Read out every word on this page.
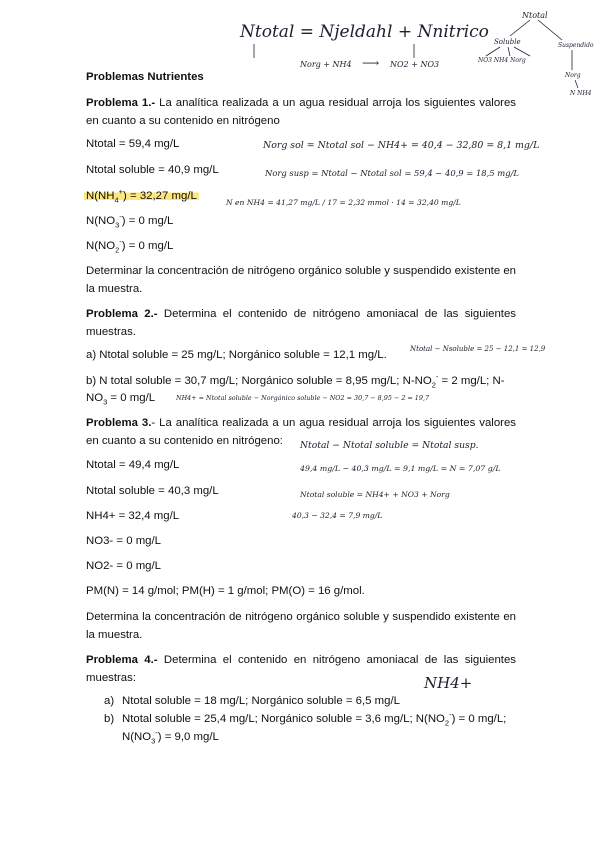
Ntotal = Njeldahl + Nnitrico
Norg + NH4 ⟶ NO2 + NO3
Ntotal
Soluble	Suspendido
NO3 NH4 Norg
Norg
N NH4
Problemas Nutrientes
Problema 1.- La analítica realizada a un agua residual arroja los siguientes valores en cuanto a su contenido en nitrógeno
Ntotal = 59,4 mg/L
Ntotal soluble = 40,9 mg/L
$N(NH_4^+) = 32,27$ mg/L
$N(NO_3^-) = 0$ mg/L
$N(NO_2^-) = 0$ mg/L
Determinar la concentración de nitrógeno orgánico soluble y suspendido existente en la muestra.
Norg sol = Ntotal sol − NH4+ = 40,4 − 32,80 = 8,1 mg/L
Norg susp = Ntotal − Ntotal sol = 59,4 − 40,9 = 18,5 mg/L
N en NH4 = 41,27 mg/L / 17 = 2,32 mmol · 14 = 32,40 mg/L
Problema 2.- Determina el contenido de nitrógeno amoniacal de las siguientes muestras.
a) Ntotal soluble = 25 mg/L; Norgánico soluble = 12,1 mg/L.	Ntotal − Nsoluble = 25 − 12,1 = 12,9
b) N total soluble = 30,7 mg/L; Norgánico soluble = 8,95 mg/L; $N-NO_2^- = 2$ mg/L; N-
$NO_3 = 0$ mg/L	NH4+ = Ntotal soluble − Norgánico soluble − NO2 = 30,7 − 8,95 − 2 = 19,7
Problema 3.- La analítica realizada a un agua residual arroja los siguientes valores en cuanto a su contenido en nitrógeno:
Ntotal = 49,4 mg/L
Ntotal soluble = 40,3 mg/L
NH4+ = 32,4 mg/L
NO3- = 0 mg/L
NO2- = 0 mg/L
PM(N) = 14 g/mol; PM(H) = 1 g/mol; PM(O) = 16 g/mol.
Determina la concentración de nitrógeno orgánico soluble y suspendido existente en la muestra.
Ntotal − Ntotal soluble = Ntotal susp.
49,4 mg/L − 40,3 mg/L = 9,1 mg/L = N = 7,07 g/L
Ntotal soluble = NH4+ + NO3 + Norg
40,3 − 32,4 = 7,9 mg/L
Problema 4.- Determina el contenido en nitrógeno amoniacal de las siguientes muestras:	NH4+
a) Ntotal soluble = 18 mg/L; Norgánico soluble = 6,5 mg/L
b) Ntotal soluble = 25,4 mg/L; Norgánico soluble = 3,6 mg/L; $N(NO_2^-) = 0$ mg/L;
$N(NO_3^-) = 9,0$ mg/L
